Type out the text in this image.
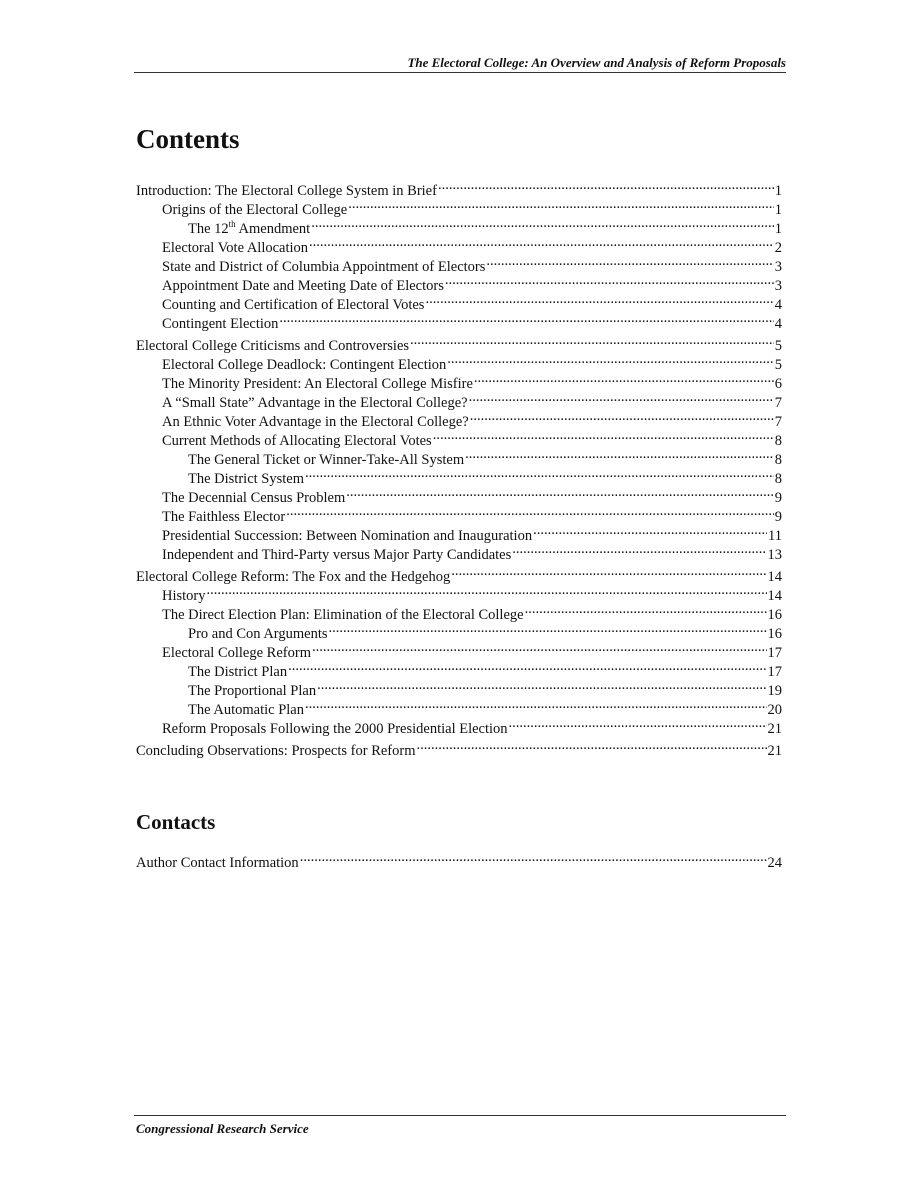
The Electoral College: An Overview and Analysis of Reform Proposals
Contents
Introduction: The Electoral College System in Brief .....	1
Origins of the Electoral College .....	1
The 12th Amendment .....	1
Electoral Vote Allocation .....	2
State and District of Columbia Appointment of Electors .....	3
Appointment Date and Meeting Date of Electors .....	3
Counting and Certification of Electoral Votes .....	4
Contingent Election .....	4
Electoral College Criticisms and Controversies .....	5
Electoral College Deadlock: Contingent Election .....	5
The Minority President: An Electoral College Misfire .....	6
A “Small State” Advantage in the Electoral College? .....	7
An Ethnic Voter Advantage in the Electoral College? .....	7
Current Methods of Allocating Electoral Votes .....	8
The General Ticket or Winner-Take-All System .....	8
The District System .....	8
The Decennial Census Problem .....	9
The Faithless Elector .....	9
Presidential Succession: Between Nomination and Inauguration .....	11
Independent and Third-Party versus Major Party Candidates .....	13
Electoral College Reform: The Fox and the Hedgehog .....	14
History .....	14
The Direct Election Plan: Elimination of the Electoral College .....	16
Pro and Con Arguments .....	16
Electoral College Reform .....	17
The District Plan .....	17
The Proportional Plan .....	19
The Automatic Plan .....	20
Reform Proposals Following the 2000 Presidential Election .....	21
Concluding Observations: Prospects for Reform .....	21
Contacts
Author Contact Information .....	24
Congressional Research Service
